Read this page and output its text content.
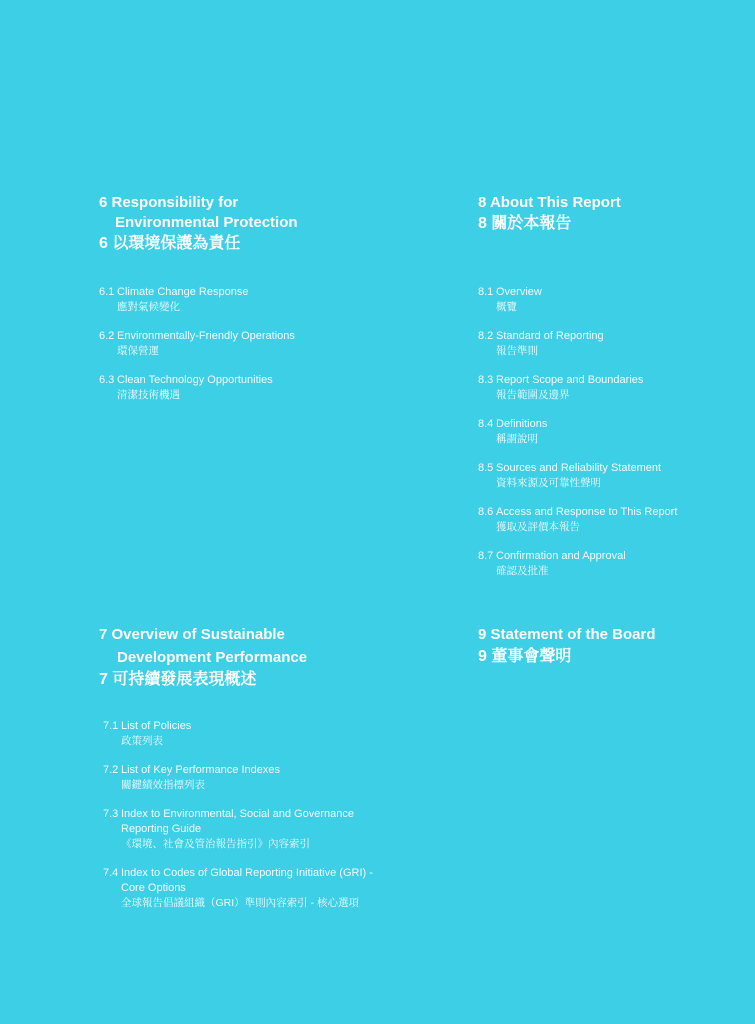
6 Responsibility for
Environmental Protection

6 以環境保護為責任

6.1 Climate Change Response
應對氣候變化
6.2 Environmentally-Friendly Operations
環保營運
6.3 Clean Technology Opportunities
清潔技術機遇

8 About This Report

8 關於本報告

8.1 Overview
概覽
8.2 Standard of Reporting
報告準則
8.3 Report Scope and Boundaries
報告範圍及邊界
8.4 Definitions
稱謂說明
8.5 Sources and Reliability Statement
資料來源及可靠性聲明
8.6 Access and Response to This Report
獲取及評價本報告
8.7 Confirmation and Approval
確認及批准

7 Overview of Sustainable
Development Performance

7 可持續發展表現概述

7.1 List of Policies
政策列表
7.2 List of Key Performance Indexes
關鍵績效指標列表
7.3 Index to Environmental, Social and Governance
Reporting Guide
《環境、社會及管治報告指引》內容索引
7.4 Index to Codes of Global Reporting Initiative (GRI) -
Core Options
全球報告倡議組織（GRI）準則內容索引 - 核心選項

9 Statement of the Board

9 董事會聲明
